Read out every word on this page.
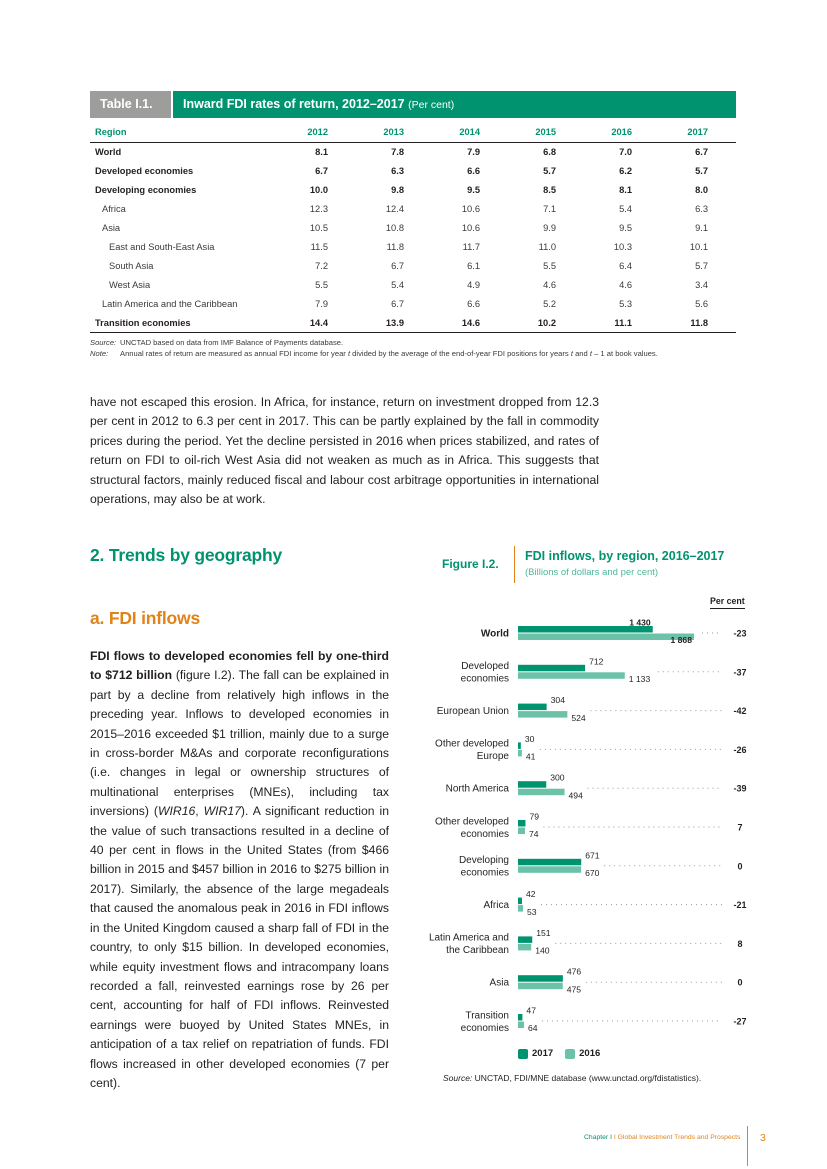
Table I.1.	Inward FDI rates of return, 2012–2017 (Per cent)
Region	2012	2013	2014	2015	2016	2017
World	8.1	7.8	7.9	6.8	7.0	6.7
Developed economies	6.7	6.3	6.6	5.7	6.2	5.7
Developing economies	10.0	9.8	9.5	8.5	8.1	8.0
Africa	12.3	12.4	10.6	7.1	5.4	6.3
Asia	10.5	10.8	10.6	9.9	9.5	9.1
East and South-East Asia	11.5	11.8	11.7	11.0	10.3	10.1
South Asia	7.2	6.7	6.1	5.5	6.4	5.7
West Asia	5.5	5.4	4.9	4.6	4.6	3.4
Latin America and the Caribbean	7.9	6.7	6.6	5.2	5.3	5.6
Transition economies	14.4	13.9	14.6	10.2	11.1	11.8
Source: UNCTAD based on data from IMF Balance of Payments database.
Note: Annual rates of return are measured as annual FDI income for year t divided by the average of the end-of-year FDI positions for years t and t – 1 at book values.

have not escaped this erosion. In Africa, for instance, return on investment dropped from 12.3 per cent in 2012 to 6.3 per cent in 2017. This can be partly explained by the fall in commodity prices during the period. Yet the decline persisted in 2016 when prices stabilized, and rates of return on FDI to oil-rich West Asia did not weaken as much as in Africa. This suggests that structural factors, mainly reduced fiscal and labour cost arbitrage opportunities in international operations, may also be at work.

2. Trends by geography
a. FDI inflows

FDI flows to developed economies fell by one-third to $712 billion (figure I.2). The fall can be explained in part by a decline from relatively high inflows in the preceding year. Inflows to developed economies in 2015–2016 exceeded $1 trillion, mainly due to a surge in cross-border M&As and corporate reconfigurations (i.e. changes in legal or ownership structures of multinational enterprises (MNEs), including tax inversions) (WIR16, WIR17). A significant reduction in the value of such transactions resulted in a decline of 40 per cent in flows in the United States (from $466 billion in 2015 and $457 billion in 2016 to $275 billion in 2017). Similarly, the absence of the large megadeals that caused the anomalous peak in 2016 in FDI inflows in the United Kingdom caused a sharp fall of FDI in the country, to only $15 billion. In developed economies, while equity investment flows and intracompany loans recorded a fall, reinvested earnings rose by 26 per cent, accounting for half of FDI inflows. Reinvested earnings were buoyed by United States MNEs, in anticipation of a tax relief on repatriation of funds. FDI flows increased in other developed economies (7 per cent).

Figure I.2.
FDI inflows, by region, 2016–2017
(Billions of dollars and per cent)
Per cent
World
1 430
1 868
-23
Developed economies
712
1 133
-37
European Union
304
524
-42
Other developed Europe
30
41
-26
North America
300
494
-39
Other developed economies
79
74
7
Developing economies
671
670
0
Africa
42
53
-21
Latin America and the Caribbean
151
140
8
Asia
476
475
0
Transition economies
47
64
-27
2017	2016
Source: UNCTAD, FDI/MNE database (www.unctad.org/fdistatistics).
Chapter I I Global Investment Trends and Prospects 3
